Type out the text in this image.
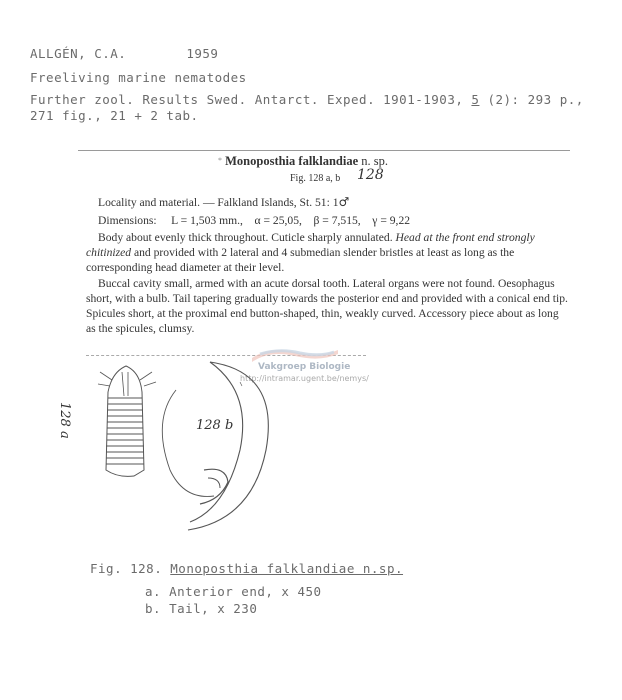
ALLGÉN, C.A.	1959
Freeliving marine nematodes
Further zool. Results Swed. Antarct. Exped. 1901-1903, 5 (2): 293 p.,
271 fig., 21 + 2 tab.
* Monoposthia falklandiae n. sp.
Fig. 128 a, b 128
Locality and material. — Falkland Islands, St. 51: 1♂
Dimensions:     L = 1,503 mm.,    α = 25,05,    β = 7,515,    γ = 9,22
Body about evenly thick throughout. Cuticle sharply annulated. Head at the front end strongly chitinized and provided with 2 lateral and 4 submedian slender bristles at least as long as the corresponding head diameter at their level.
Buccal cavity small, armed with an acute dorsal tooth. Lateral organs were not found. Oesophagus short, with a bulb. Tail tapering gradually towards the posterior end and provided with a conical end tip. Spicules short, at the proximal end button-shaped, thin, weakly curved. Accessory piece about as long as the spicules, clumsy.
Vakgroep Biologie
http://intramar.ugent.be/nemys/
128 a	128 b
Fig. 128. Monoposthia falklandiae n.sp.
a. Anterior end, x 450
b. Tail, x 230
